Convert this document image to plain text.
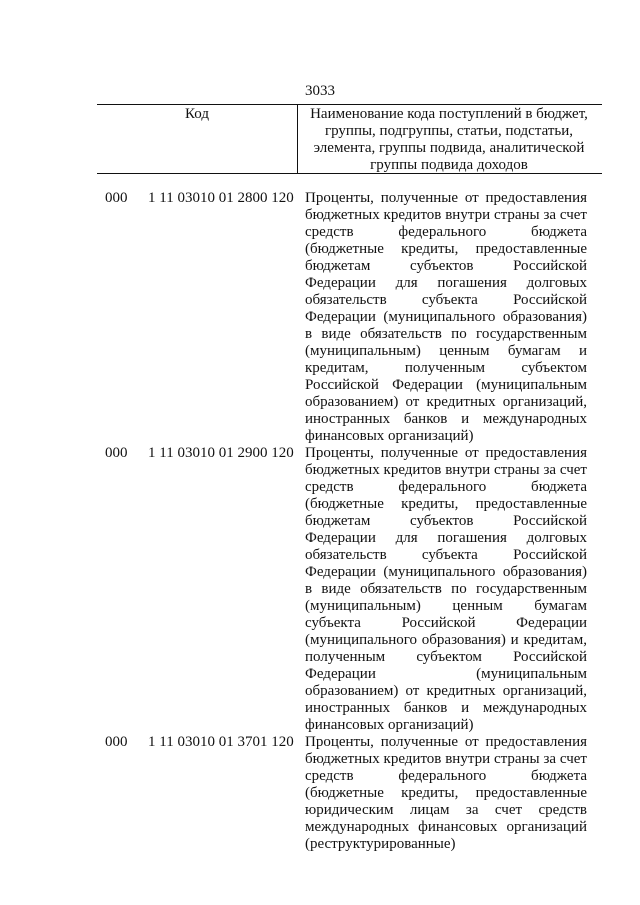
3033
Код	Наименование кода поступлений в бюджет, группы, подгруппы, статьи, подстатьи, элемента, группы подвида, аналитической группы подвида доходов
000 1 11 03010 01 2800 120 Проценты, полученные от предоставления бюджетных кредитов внутри страны за счет средств федерального бюджета (бюджетные кредиты, предоставленные бюджетам субъектов Российской Федерации для погашения долговых обязательств субъекта Российской Федерации (муниципального образования) в виде обязательств по государственным (муниципальным) ценным бумагам и кредитам, полученным субъектом Российской Федерации (муниципальным образованием) от кредитных организаций, иностранных банков и международных финансовых организаций)
000 1 11 03010 01 2900 120 Проценты, полученные от предоставления бюджетных кредитов внутри страны за счет средств федерального бюджета (бюджетные кредиты, предоставленные бюджетам субъектов Российской Федерации для погашения долговых обязательств субъекта Российской Федерации (муниципального образования) в виде обязательств по государственным (муниципальным) ценным бумагам субъекта Российской Федерации (муниципального образования) и кредитам, полученным субъектом Российской Федерации (муниципальным образованием) от кредитных организаций, иностранных банков и международных финансовых организаций)
000 1 11 03010 01 3701 120 Проценты, полученные от предоставления бюджетных кредитов внутри страны за счет средств федерального бюджета (бюджетные кредиты, предоставленные юридическим лицам за счет средств международных финансовых организаций (реструктурированные)
